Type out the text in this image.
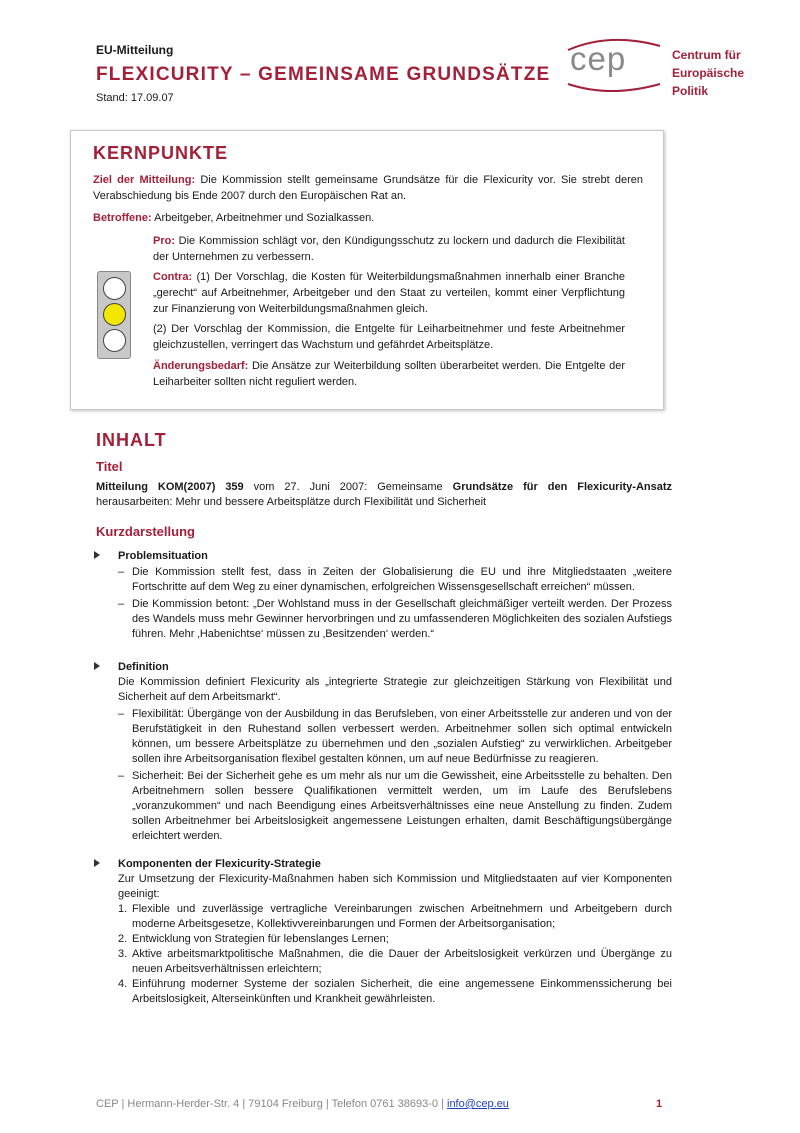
EU-Mitteilung
FLEXICURITY – GEMEINSAME GRUNDSÄTZE
Stand: 17.09.07
cep	Centrum für
Europäische
Politik
KERNPUNKTE

Ziel der Mitteilung: Die Kommission stellt gemeinsame Grundsätze für die Flexicurity vor. Sie strebt deren Verabschiedung bis Ende 2007 durch den Europäischen Rat an.

Betroffene: Arbeitgeber, Arbeitnehmer und Sozialkassen.

Pro: Die Kommission schlägt vor, den Kündigungsschutz zu lockern und dadurch die Flexibilität der Unternehmen zu verbessern.

Contra: (1) Der Vorschlag, die Kosten für Weiterbildungsmaßnahmen innerhalb einer Branche „gerecht“ auf Arbeitnehmer, Arbeitgeber und den Staat zu verteilen, kommt einer Verpflichtung zur Finanzierung von Weiterbildungsmaßnahmen gleich.

(2) Der Vorschlag der Kommission, die Entgelte für Leiharbeitnehmer und feste Arbeitnehmer gleichzustellen, verringert das Wachstum und gefährdet Arbeitsplätze.

Änderungsbedarf: Die Ansätze zur Weiterbildung sollten überarbeitet werden. Die Entgelte der Leiharbeiter sollten nicht reguliert werden.

INHALT
Titel

Mitteilung KOM(2007) 359 vom 27. Juni 2007: Gemeinsame Grundsätze für den Flexicurity-Ansatz herausarbeiten: Mehr und bessere Arbeitsplätze durch Flexibilität und Sicherheit

Kurzdarstellung
Problemsituation

– Die Kommission stellt fest, dass in Zeiten der Globalisierung die EU und ihre Mitgliedstaaten „weitere Fortschritte auf dem Weg zu einer dynamischen, erfolgreichen Wissensgesellschaft erreichen“ müssen.

– Die Kommission betont: „Der Wohlstand muss in der Gesellschaft gleichmäßiger verteilt werden. Der Prozess des Wandels muss mehr Gewinner hervorbringen und zu umfassenderen Möglichkeiten des sozialen Aufstiegs führen. Mehr ‚Habenichtse‘ müssen zu ‚Besitzenden‘ werden.“

Definition

Die Kommission definiert Flexicurity als „integrierte Strategie zur gleichzeitigen Stärkung von Flexibilität und Sicherheit auf dem Arbeitsmarkt“.

– Flexibilität: Übergänge von der Ausbildung in das Berufsleben, von einer Arbeitsstelle zur anderen und von der Berufstätigkeit in den Ruhestand sollen verbessert werden. Arbeitnehmer sollen sich optimal entwickeln können, um bessere Arbeitsplätze zu übernehmen und den „sozialen Aufstieg“ zu verwirklichen. Arbeitgeber sollen ihre Arbeitsorganisation flexibel gestalten können, um auf neue Bedürfnisse zu reagieren.

– Sicherheit: Bei der Sicherheit gehe es um mehr als nur um die Gewissheit, eine Arbeitsstelle zu behalten. Den Arbeitnehmern sollen bessere Qualifikationen vermittelt werden, um im Laufe des Berufslebens „voranzukommen“ und nach Beendigung eines Arbeitsverhältnisses eine neue Anstellung zu finden. Zudem sollen Arbeitnehmer bei Arbeitslosigkeit angemessene Leistungen erhalten, damit Beschäftigungsübergänge erleichtert werden.

Komponenten der Flexicurity-Strategie

Zur Umsetzung der Flexicurity-Maßnahmen haben sich Kommission und Mitgliedstaaten auf vier Komponenten geeinigt:

1. Flexible und zuverlässige vertragliche Vereinbarungen zwischen Arbeitnehmern und Arbeitgebern durch moderne Arbeitsgesetze, Kollektivvereinbarungen und Formen der Arbeitsorganisation;

2. Entwicklung von Strategien für lebenslanges Lernen;

3. Aktive arbeitsmarktpolitische Maßnahmen, die die Dauer der Arbeitslosigkeit verkürzen und Übergänge zu neuen Arbeitsverhältnissen erleichtern;

4. Einführung moderner Systeme der sozialen Sicherheit, die eine angemessene Einkommenssicherung bei Arbeitslosigkeit, Alterseinkünften und Krankheit gewährleisten.

CEP | Hermann-Herder-Str. 4 | 79104 Freiburg | Telefon 0761 38693-0 | info@cep.eu	1
